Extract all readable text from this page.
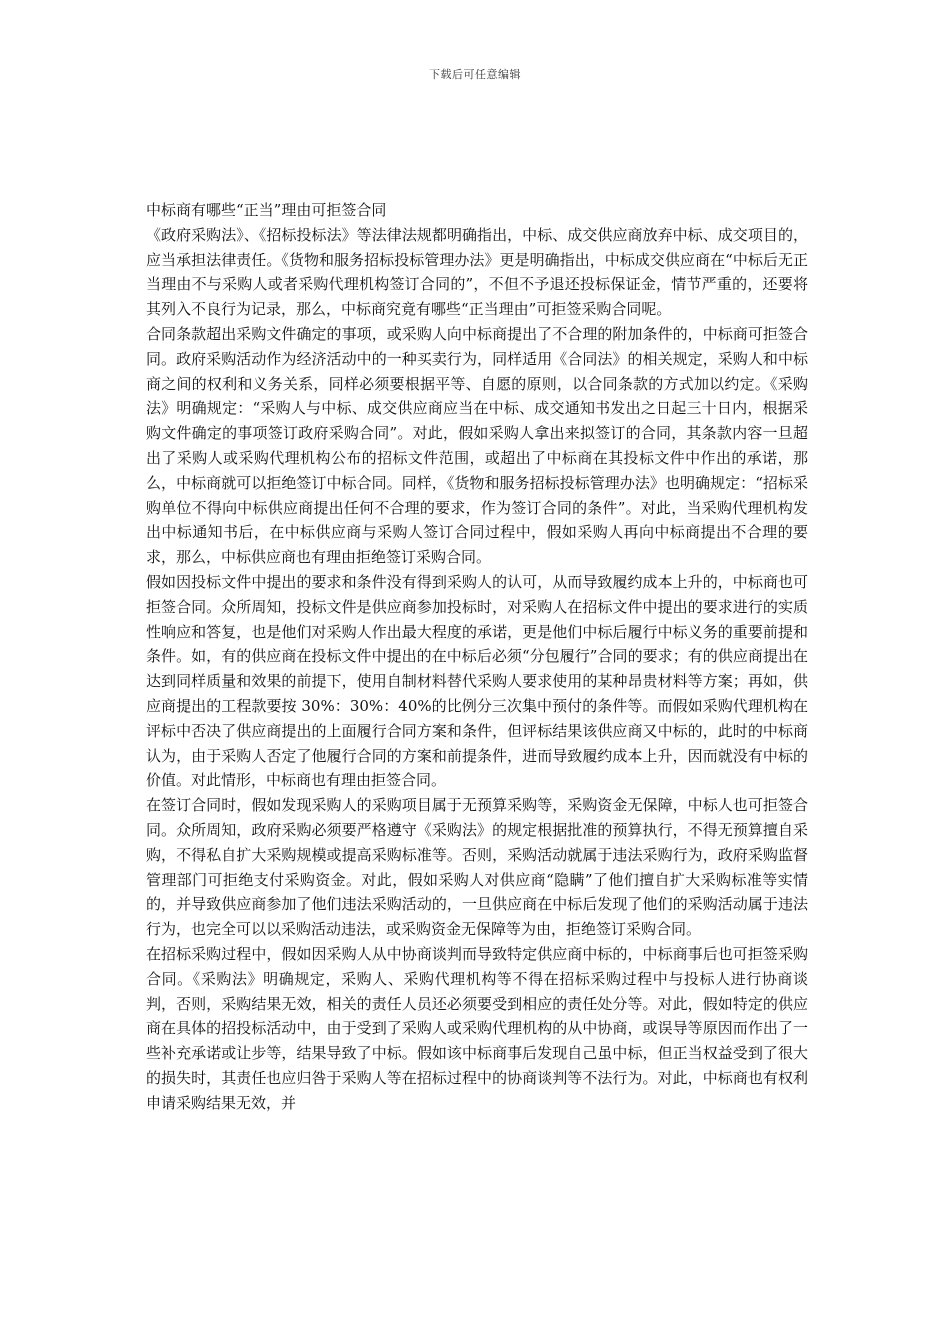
下载后可任意编辑

中标商有哪些“正当”理由可拒签合同

《政府采购法》、《招标投标法》等法律法规都明确指出，中标、成交供应商放弃中标、成交项目的，应当承担法律责任。《货物和服务招标投标管理办法》更是明确指出，中标成交供应商在“中标后无正当理由不与采购人或者采购代理机构签订合同的”，不但不予退还投标保证金，情节严重的，还要将其列入不良行为记录，那么，中标商究竟有哪些“正当理由”可拒签采购合同呢。

合同条款超出采购文件确定的事项，或采购人向中标商提出了不合理的附加条件的，中标商可拒签合同。政府采购活动作为经济活动中的一种买卖行为，同样适用《合同法》的相关规定，采购人和中标商之间的权利和义务关系，同样必须要根据平等、自愿的原则，以合同条款的方式加以约定。《采购法》明确规定：“采购人与中标、成交供应商应当在中标、成交通知书发出之日起三十日内，根据采购文件确定的事项签订政府采购合同”。对此，假如采购人拿出来拟签订的合同，其条款内容一旦超出了采购人或采购代理机构公布的招标文件范围，或超出了中标商在其投标文件中作出的承诺，那么，中标商就可以拒绝签订中标合同。同样，《货物和服务招标投标管理办法》也明确规定：“招标采购单位不得向中标供应商提出任何不合理的要求，作为签订合同的条件”。对此，当采购代理机构发出中标通知书后，在中标供应商与采购人签订合同过程中，假如采购人再向中标商提出不合理的要求，那么，中标供应商也有理由拒绝签订采购合同。

假如因投标文件中提出的要求和条件没有得到采购人的认可，从而导致履约成本上升的，中标商也可拒签合同。众所周知，投标文件是供应商参加投标时，对采购人在招标文件中提出的要求进行的实质性响应和答复，也是他们对采购人作出最大程度的承诺，更是他们中标后履行中标义务的重要前提和条件。如，有的供应商在投标文件中提出的在中标后必须“分包履行”合同的要求；有的供应商提出在达到同样质量和效果的前提下，使用自制材料替代采购人要求使用的某种昂贵材料等方案；再如，供应商提出的工程款要按 30%：30%：40%的比例分三次集中预付的条件等。而假如采购代理机构在评标中否决了供应商提出的上面履行合同方案和条件，但评标结果该供应商又中标的，此时的中标商认为，由于采购人否定了他履行合同的方案和前提条件，进而导致履约成本上升，因而就没有中标的价值。对此情形，中标商也有理由拒签合同。

在签订合同时，假如发现采购人的采购项目属于无预算采购等，采购资金无保障，中标人也可拒签合同。众所周知，政府采购必须要严格遵守《采购法》的规定根据批准的预算执行，不得无预算擅自采购，不得私自扩大采购规模或提高采购标准等。否则，采购活动就属于违法采购行为，政府采购监督管理部门可拒绝支付采购资金。对此，假如采购人对供应商“隐瞒”了他们擅自扩大采购标准等实情的，并导致供应商参加了他们违法采购活动的，一旦供应商在中标后发现了他们的采购活动属于违法行为，也完全可以以采购活动违法，或采购资金无保障等为由，拒绝签订采购合同。

在招标采购过程中，假如因采购人从中协商谈判而导致特定供应商中标的，中标商事后也可拒签采购合同。《采购法》明确规定，采购人、采购代理机构等不得在招标采购过程中与投标人进行协商谈判，否则，采购结果无效，相关的责任人员还必须要受到相应的责任处分等。对此，假如特定的供应商在具体的招投标活动中，由于受到了采购人或采购代理机构的从中协商，或误导等原因而作出了一些补充承诺或让步等，结果导致了中标。假如该中标商事后发现自己虽中标，但正当权益受到了很大的损失时，其责任也应归咎于采购人等在招标过程中的协商谈判等不法行为。对此，中标商也有权利申请采购结果无效，并
